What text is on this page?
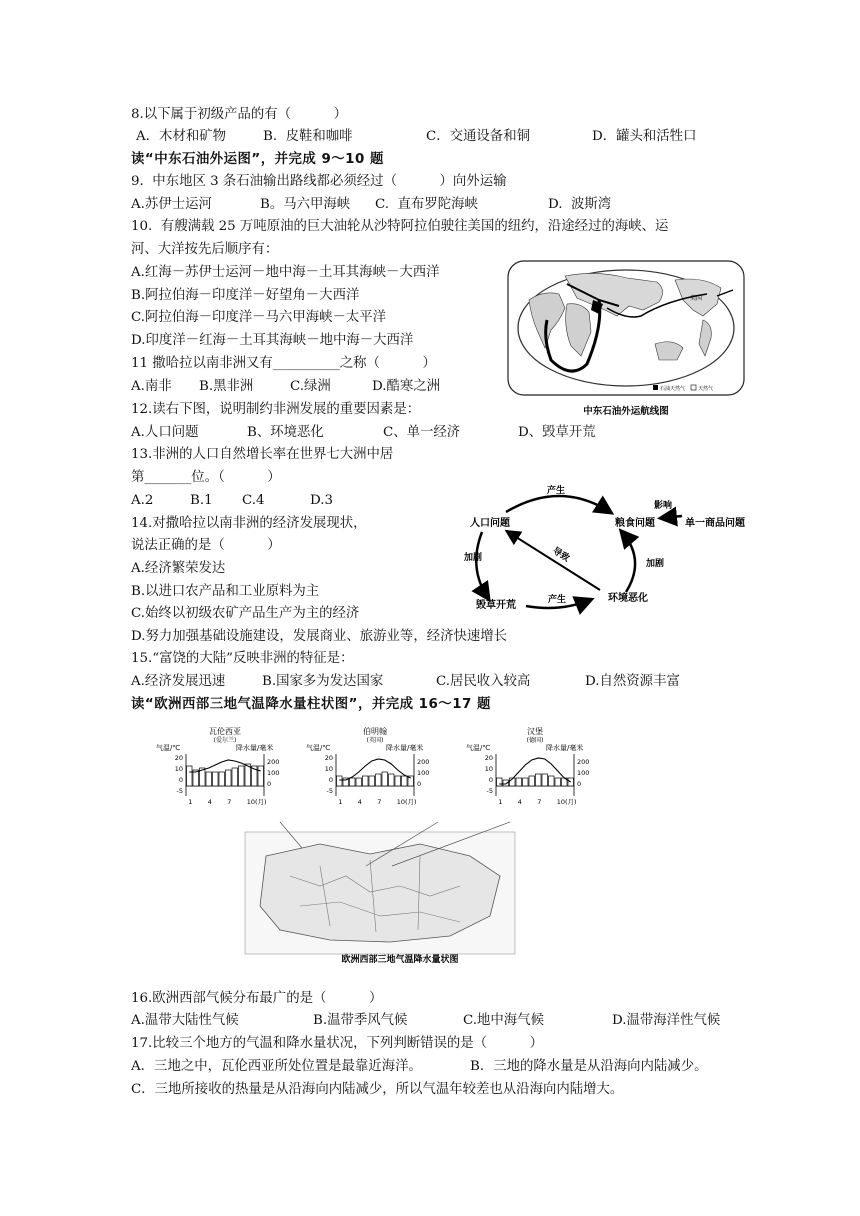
8.以下属于初级产品的有（          ）
A．木材和矿物	B.  皮鞋和咖啡	C．交通设备和铜	D．罐头和活牲口
读“中东石油外运图”，并完成 9～10 题
9.  中东地区 3 条石油输出路线都必须经过（          ）向外运输
A.苏伊士运河	B。马六甲海峡 C.  直布罗陀海峡	D.  波斯湾
10.  有艘满载 25 万吨原油的巨大油轮从沙特阿拉伯驶往美国的纽约，沿途经过的海峡、运
河、大洋按先后顺序有：
A.红海－苏伊士运河－地中海－土耳其海峡－大西洋
B.阿拉伯海－印度洋－好望角－大西洋
C.阿拉伯海－印度洋－马六甲海峡－太平洋
D.印度洋－红海－土耳其海峡－地中海－大西洋
11 撒哈拉以南非洲又有__________之称（          ）
A.南非 B.黑非洲	C.绿洲	D.酷寒之洲
12.读右下图，说明制约非洲发展的重要因素是：
A.人口问题	B、环境恶化	C、单一经济	D、毁草开荒
13.非洲的人口自然增长率在世界七大洲中居
第_______位。（          ）
A.2	B.1 C.4	D.3
14.对撒哈拉以南非洲的经济发展现状，
说法正确的是（          ）
A.经济繁荣发达
B.以进口农产品和工业原料为主
C.始终以初级农矿产品生产为主的经济
D.努力加强基础设施建设，发展商业、旅游业等，经济快速增长
15.“富饶的大陆”反映非洲的特征是：
A.经济发展迅速	B.国家多为发达国家	C.居民收入较高	D.自然资源丰富
读“欧洲西部三地气温降水量柱状图”，并完成 16～17 题
16.欧洲西部气候分布最广的是（          ）
A.温带大陆性气候	B.温带季风气候	C.地中海气候	D.温带海洋性气候
17.比较三个地方的气温和降水量状况，下列判断错误的是（          ）
A．三地之中，瓦伦西亚所处位置是最靠近海洋。	B．三地的降水量是从沿海向内陆减少。
C．三地所接收的热量是从沿海向内陆减少，所以气温年较差也从沿海向内陆增大。
美国
石油天然气	天然气
中东石油外运航线图
人口问题	粮食问题	单一商品问题
环境恶化
毁草开荒
产生
影响
加剧
导致
加剧
产生
欧洲西部三地气温降水量状图
瓦伦西亚
(爱尔兰)
气温/℃	降水量/毫米
20
10
0
-5
200
100
0
1 4 7 10(月)
伯明翰
(英国)
气温/℃	降水量/毫米
20
10
0
-5
200
100
0
1 4 7 10(月)
汉堡
(德国)
气温/℃	降水量/毫米
20
10
0
-5
200
100
0
1 4 7 10(月)
